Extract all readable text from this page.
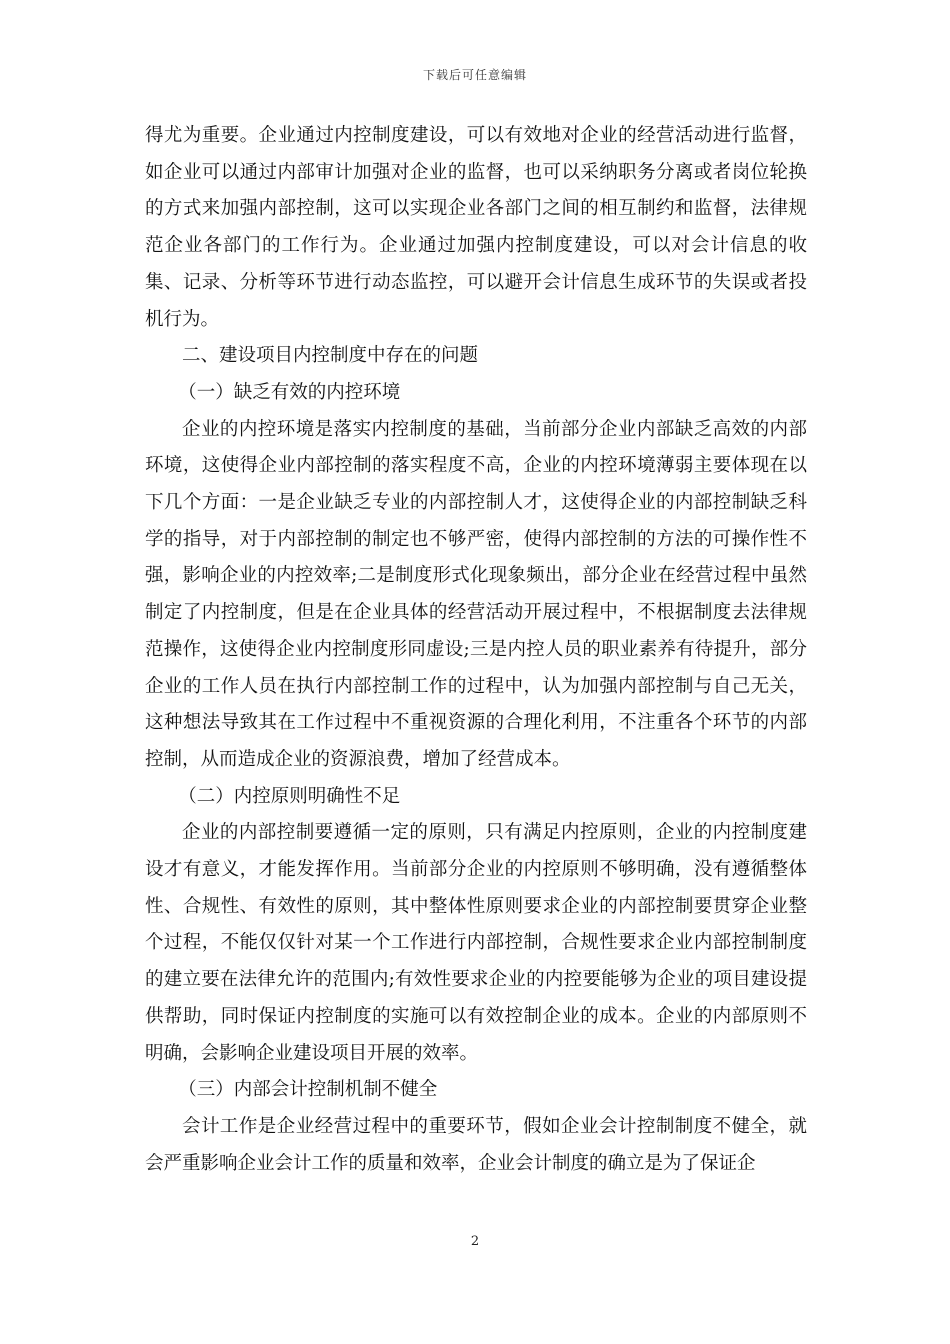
下载后可任意编辑

得尤为重要。企业通过内控制度建设，可以有效地对企业的经营活动进行监督，如企业可以通过内部审计加强对企业的监督，也可以采纳职务分离或者岗位轮换的方式来加强内部控制，这可以实现企业各部门之间的相互制约和监督，法律规范企业各部门的工作行为。企业通过加强内控制度建设，可以对会计信息的收集、记录、分析等环节进行动态监控，可以避开会计信息生成环节的失误或者投机行为。

二、建设项目内控制度中存在的问题

（一）缺乏有效的内控环境

企业的内控环境是落实内控制度的基础，当前部分企业内部缺乏高效的内部环境，这使得企业内部控制的落实程度不高，企业的内控环境薄弱主要体现在以下几个方面：一是企业缺乏专业的内部控制人才，这使得企业的内部控制缺乏科学的指导，对于内部控制的制定也不够严密，使得内部控制的方法的可操作性不强，影响企业的内控效率;二是制度形式化现象频出，部分企业在经营过程中虽然制定了内控制度，但是在企业具体的经营活动开展过程中，不根据制度去法律规范操作，这使得企业内控制度形同虚设;三是内控人员的职业素养有待提升，部分企业的工作人员在执行内部控制工作的过程中，认为加强内部控制与自己无关，这种想法导致其在工作过程中不重视资源的合理化利用，不注重各个环节的内部控制，从而造成企业的资源浪费，增加了经营成本。

（二）内控原则明确性不足

企业的内部控制要遵循一定的原则，只有满足内控原则，企业的内控制度建设才有意义，才能发挥作用。当前部分企业的内控原则不够明确，没有遵循整体性、合规性、有效性的原则，其中整体性原则要求企业的内部控制要贯穿企业整个过程，不能仅仅针对某一个工作进行内部控制，合规性要求企业内部控制制度的建立要在法律允许的范围内;有效性要求企业的内控要能够为企业的项目建设提供帮助，同时保证内控制度的实施可以有效控制企业的成本。企业的内部原则不明确，会影响企业建设项目开展的效率。

（三）内部会计控制机制不健全

会计工作是企业经营过程中的重要环节，假如企业会计控制制度不健全，就会严重影响企业会计工作的质量和效率，企业会计制度的确立是为了保证企

2
